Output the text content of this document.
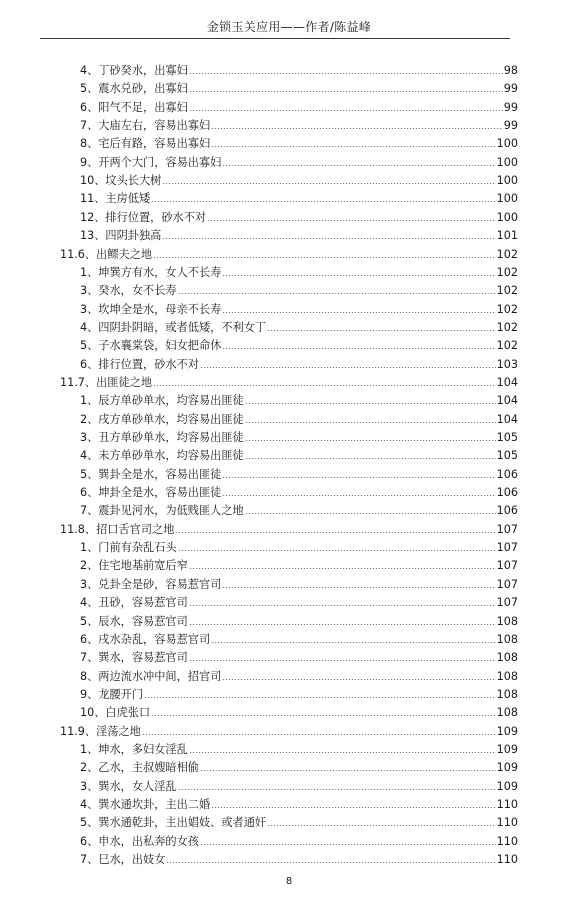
金锁玉关应用——作者/陈益峰
4、丁砂癸水，出寡妇	98
5、震水兑砂，出寡妇	99
6、阳气不足，出寡妇	99
7、大庙左右，容易出寡妇	99
8、宅后有路，容易出寡妇	100
9、开两个大门，容易出寡妇	100
10、坟头长大树	100
11、主房低矮	100
12、排行位置，砂水不对	100
13、四阴卦独高	101
11.6、出鳏夫之地	102
1、坤巽方有水，女人不长寿	102
3、癸水，女不长寿	102
3、坎坤全是水，母亲不长寿	102
4、四阴卦阴暗，或者低矮，不利女丁	102
5、子水襄棠袋，妇女把命休	102
6、排行位置，砂水不对	103
11.7、出匪徒之地	104
1、辰方单砂单水，均容易出匪徒	104
2、戌方单砂单水，均容易出匪徒	104
3、丑方单砂单水，均容易出匪徒	105
4、未方单砂单水，均容易出匪徒	105
5、巽卦全是水，容易出匪徒	106
6、坤卦全是水，容易出匪徒	106
7、震卦见河水，为低贱匪人之地	106
11.8、招口舌官司之地	107
1、门前有杂乱石头	107
2、住宅地基前宽后窄	107
3、兑卦全是砂，容易惹官司	107
4、丑砂，容易惹官司	107
5、辰水，容易惹官司	108
6、戌水杂乱，容易惹官司	108
7、巽水，容易惹官司	108
8、两边流水冲中间，招官司	108
9、龙腰开门	108
10、白虎张口	108
11.9、淫荡之地	109
1、坤水，多妇女淫乱	109
2、乙水，主叔嫂暗相偷	109
3、巽水，女人淫乱	109
4、巽水通坎卦，主出二婚	110
5、巽水通乾卦，主出娼妓、或者通奸	110
6、申水，出私奔的女孩	110
7、巳水，出妓女	110
8
